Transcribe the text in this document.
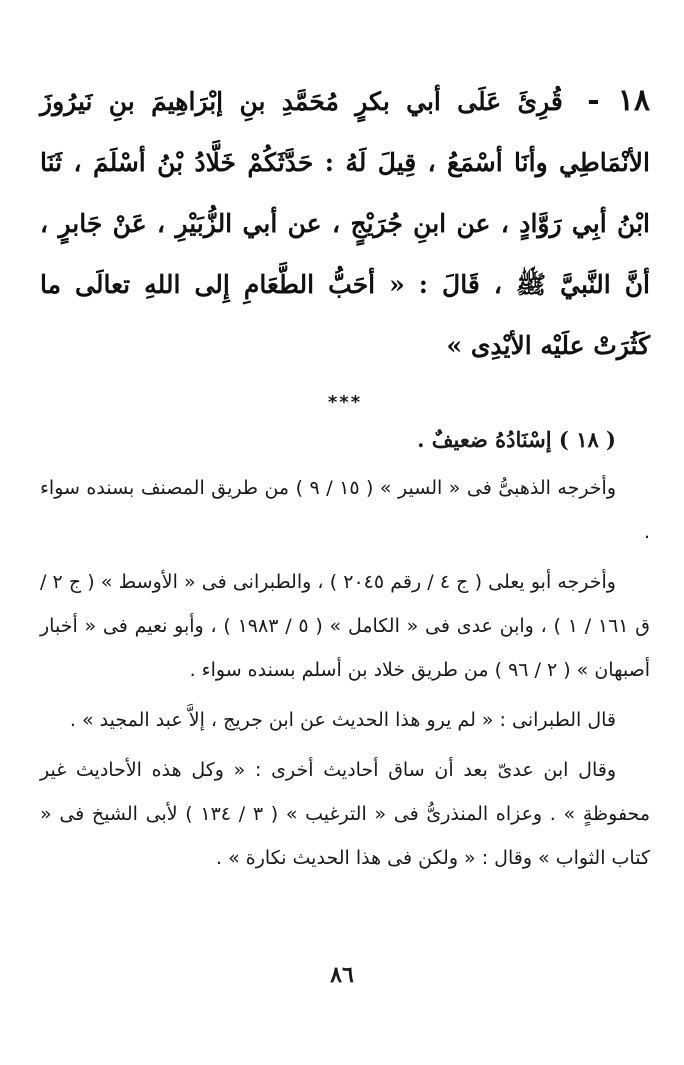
١٨ - قُرِئَ عَلَى أبي بكرٍ مُحَمَّدِ بنِ إبْرَاهِيمَ بنِ نَيرُوزَ الأنْمَاطِي وأنَا أسْمَعُ ، قِيلَ لَهُ : حَدَّثَكُمْ خَلَّادُ بْنُ أسْلَمَ ، ثَنَا ابْنُ أبِي رَوَّادٍ ، عن ابنِ جُرَيْجٍ ، عن أبي الزُّبَيْرِ ، عَنْ جَابرٍ ، أنَّ النَّبيَّ ﷺ ، قَالَ : « أحَبُّ الطَّعَامِ إِلى اللهِ تعالَى ما كَثُرَتْ علَيْه الأيْدِى »

***

( ١٨ ) إسْنَادُهُ ضعيفٌ .

وأخرجه الذهبىُّ فى « السير » ( ١٥ / ٩ ) من طريق المصنف بسنده سواء .

وأخرجه أبو يعلى ( ج ٤ / رقم ٢٠٤٥ ) ، والطبرانى فى « الأوسط » ( ج ٢ / ق ١٦١ / ١ ) ، وابن عدى فى « الكامل » ( ٥ / ١٩٨٣ ) ، وأبو نعيم فى « أخبار أصبهان » ( ٢ / ٩٦ ) من طريق خلاد بن أسلم بسنده سواء .

قال الطبرانى : « لم يرو هذا الحديث عن ابن جريج ، إلاَّ عبد المجيد » .

وقال ابن عدىّ بعد أن ساق أحاديث أخرى : « وكل هذه الأحاديث غير محفوظةٍ » . وعزاه المنذرىُّ فى « الترغيب » ( ٣ / ١٣٤ ) لأبى الشيخ فى « كتاب الثواب » وقال : « ولكن فى هذا الحديث نكارة » .

٨٦
